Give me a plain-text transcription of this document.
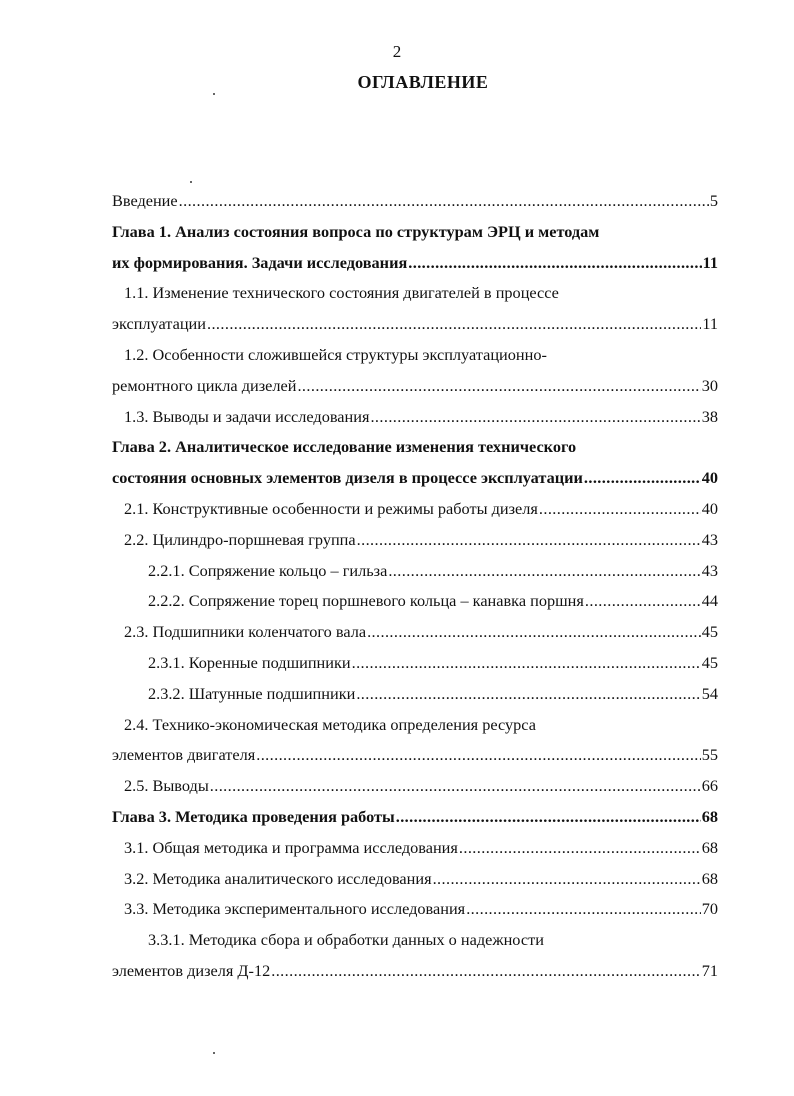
2
ОГЛАВЛЕНИЕ
Введение .....	5
Глава 1. Анализ состояния вопроса по структурам ЭРЦ и методам
их формирования. Задачи исследования .....	11
1.1. Изменение технического состояния двигателей в процессе
эксплуатации .....	11
1.2. Особенности сложившейся структуры эксплуатационно-
ремонтного цикла дизелей .....	30
1.3. Выводы и задачи исследования .....	38
Глава 2. Аналитическое исследование изменения технического
состояния основных элементов дизеля в процессе эксплуатации .....	40
2.1. Конструктивные особенности и режимы работы дизеля .....	40
2.2. Цилиндро-поршневая группа .....	43
2.2.1. Сопряжение кольцо – гильза .....	43
2.2.2. Сопряжение торец поршневого кольца – канавка поршня .....	44
2.3. Подшипники коленчатого вала .....	45
2.3.1. Коренные подшипники .....	45
2.3.2. Шатунные подшипники .....	54
2.4. Технико-экономическая методика определения ресурса
элементов двигателя .....	55
2.5. Выводы .....	66
Глава 3. Методика проведения работы .....	68
3.1. Общая методика и программа исследования .....	68
3.2. Методика аналитического исследования .....	68
3.3. Методика экспериментального исследования .....	70
3.3.1. Методика сбора и обработки данных о надежности
элементов дизеля Д-12 .....	71
